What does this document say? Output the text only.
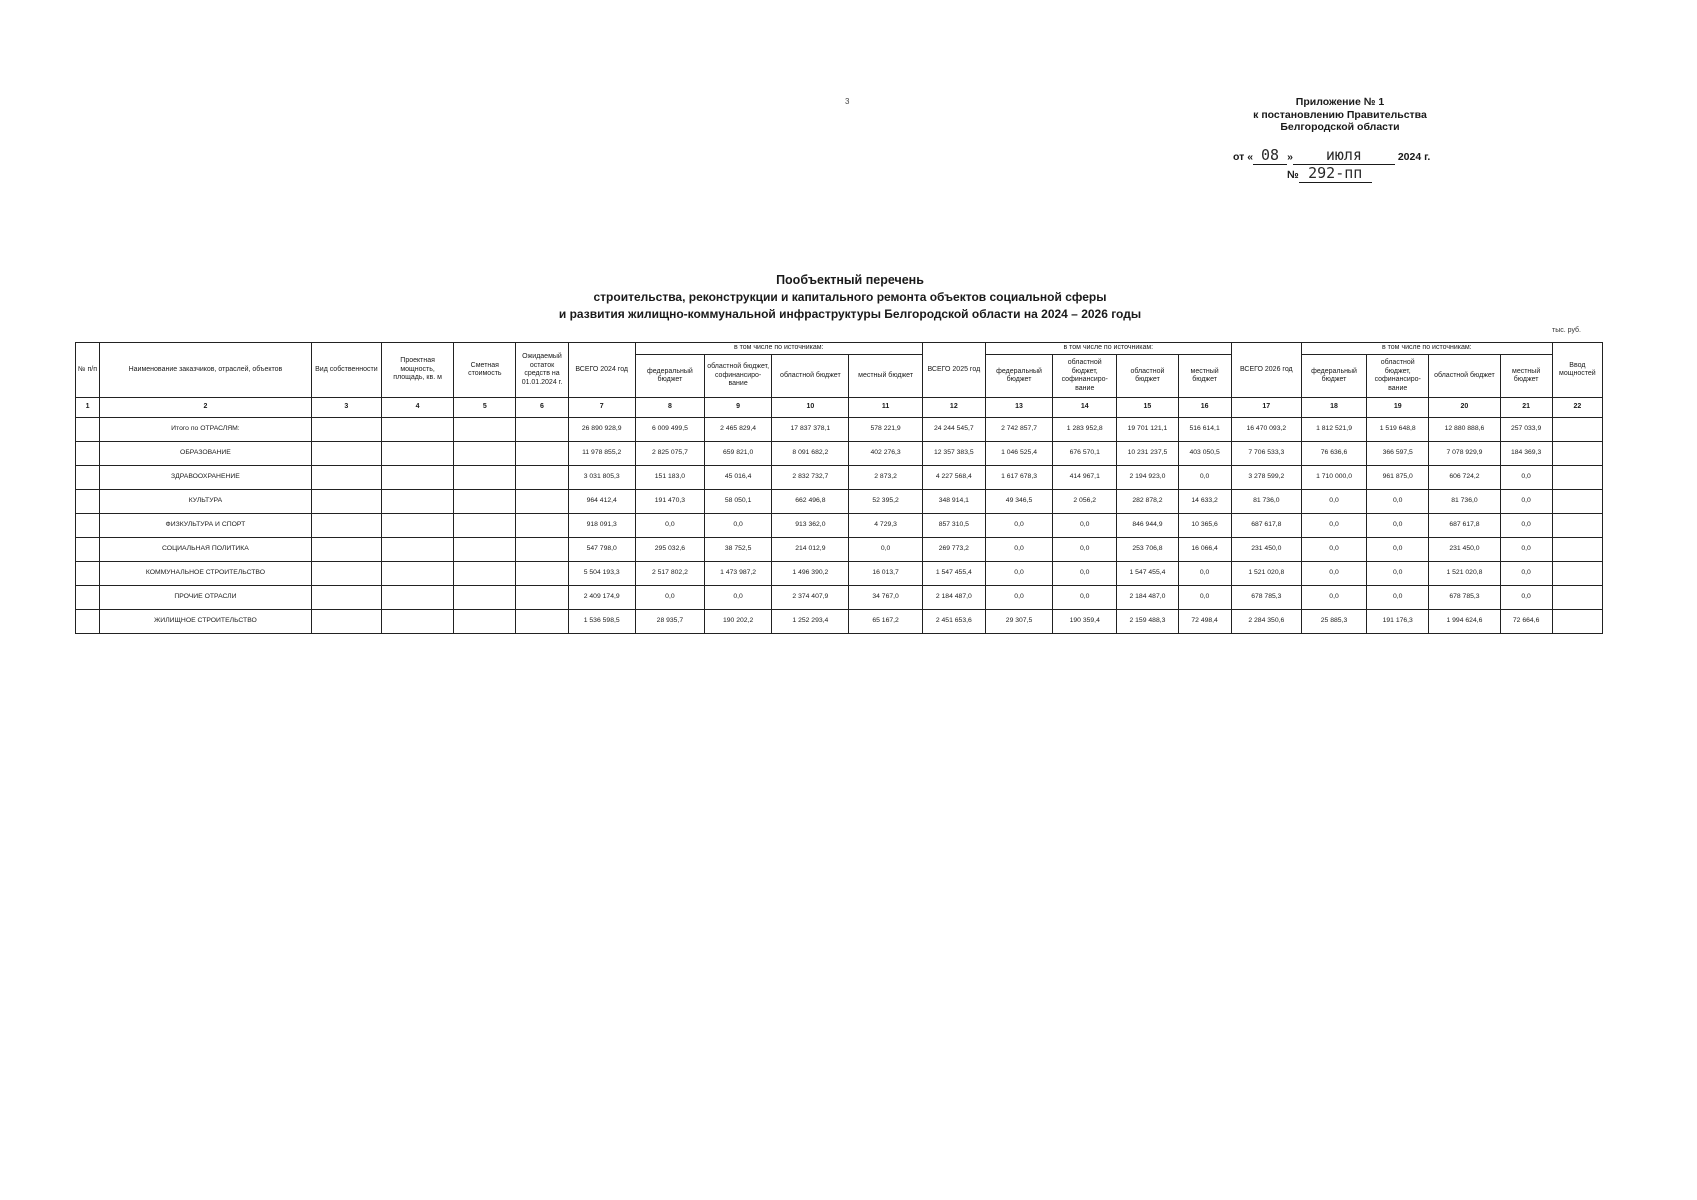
3	Приложение № 1
к постановлению Правительства
Белгородской области
от « 08 » июля	2024 г.
№ 292-пп
Пообъектный перечень
строительства, реконструкции и капитального ремонта объектов социальной сферы
и развития жилищно-коммунальной инфраструктуры Белгородской области на 2024 – 2026 годы
тыс. руб.
№ п/п	Наименование заказчиков, отраслей, объектов	Вид собственности	Проектная мощность, площадь, кв. м	Сметная стоимость	Ожидаемый остаток средств на 01.01.2024 г.	ВСЕГО 2024 год	в том числе по источникам:				ВСЕГО 2025 год	в том числе по источникам:				ВСЕГО 2026 год	в том числе по источникам:				Ввод мощностей
							федеральный бюджет	областной бюджет, софинансиро-вание	областной бюджет	местный бюджет		федеральный бюджет	областной бюджет, софинансиро-вание	областной бюджет	местный бюджет		федеральный бюджет	областной бюджет, софинансиро-вание	областной бюджет	местный бюджет	
1	2	3	4	5	6	7	8	9	10	11	12	13	14	15	16	17	18	19	20	21	22
	Итого по ОТРАСЛЯМ:					26 890 928,9	6 009 499,5	2 465 829,4	17 837 378,1	578 221,9	24 244 545,7	2 742 857,7	1 283 952,8	19 701 121,1	516 614,1	16 470 093,2	1 812 521,9	1 519 648,8	12 880 888,6	257 033,9	
	ОБРАЗОВАНИЕ					11 978 855,2	2 825 075,7	659 821,0	8 091 682,2	402 276,3	12 357 383,5	1 046 525,4	676 570,1	10 231 237,5	403 050,5	7 706 533,3	76 636,6	366 597,5	7 078 929,9	184 369,3	
	ЗДРАВООХРАНЕНИЕ					3 031 805,3	151 183,0	45 016,4	2 832 732,7	2 873,2	4 227 568,4	1 617 678,3	414 967,1	2 194 923,0	0,0	3 278 599,2	1 710 000,0	961 875,0	606 724,2	0,0	
	КУЛЬТУРА					964 412,4	191 470,3	58 050,1	662 496,8	52 395,2	348 914,1	49 346,5	2 056,2	282 878,2	14 633,2	81 736,0	0,0	0,0	81 736,0	0,0	
	ФИЗКУЛЬТУРА И СПОРТ					918 091,3	0,0	0,0	913 362,0	4 729,3	857 310,5	0,0	0,0	846 944,9	10 365,6	687 617,8	0,0	0,0	687 617,8	0,0	
	СОЦИАЛЬНАЯ ПОЛИТИКА					547 798,0	295 032,6	38 752,5	214 012,9	0,0	269 773,2	0,0	0,0	253 706,8	16 066,4	231 450,0	0,0	0,0	231 450,0	0,0	
	КОММУНАЛЬНОЕ СТРОИТЕЛЬСТВО					5 504 193,3	2 517 802,2	1 473 987,2	1 496 390,2	16 013,7	1 547 455,4	0,0	0,0	1 547 455,4	0,0	1 521 020,8	0,0	0,0	1 521 020,8	0,0	
	ПРОЧИЕ ОТРАСЛИ					2 409 174,9	0,0	0,0	2 374 407,9	34 767,0	2 184 487,0	0,0	0,0	2 184 487,0	0,0	678 785,3	0,0	0,0	678 785,3	0,0	
	ЖИЛИЩНОЕ СТРОИТЕЛЬСТВО					1 536 598,5	28 935,7	190 202,2	1 252 293,4	65 167,2	2 451 653,6	29 307,5	190 359,4	2 159 488,3	72 498,4	2 284 350,6	25 885,3	191 176,3	1 994 624,6	72 664,6	
